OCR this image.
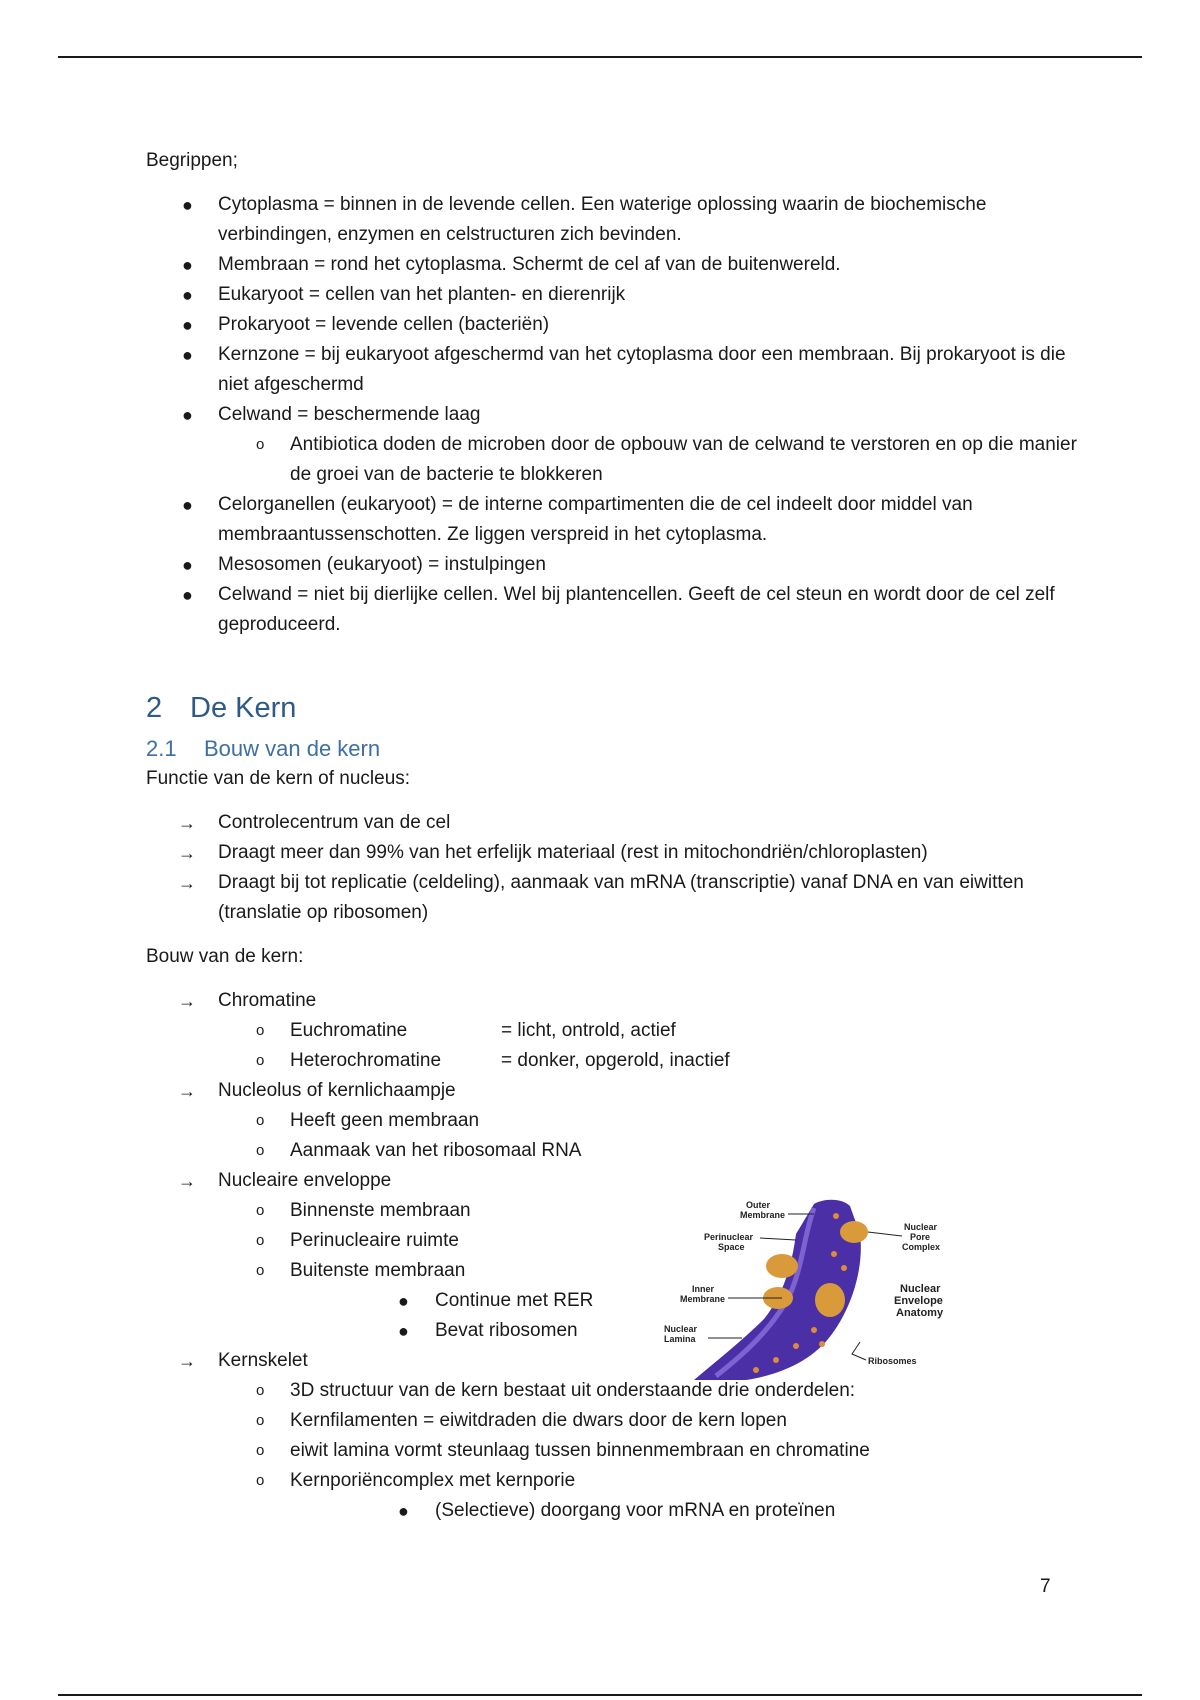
Begrippen;

● Cytoplasma = binnen in de levende cellen. Een waterige oplossing waarin de biochemische verbindingen, enzymen en celstructuren zich bevinden.
● Membraan = rond het cytoplasma. Schermt de cel af van de buitenwereld.
● Eukaryoot = cellen van het planten- en dierenrijk
● Prokaryoot = levende cellen (bacteriën)
● Kernzone = bij eukaryoot afgeschermd van het cytoplasma door een membraan. Bij prokaryoot is die niet afgeschermd
● Celwand = beschermende laag
o Antibiotica doden de microben door de opbouw van de celwand te verstoren en op die manier de groei van de bacterie te blokkeren
● Celorganellen (eukaryoot) = de interne compartimenten die de cel indeelt door middel van membraantussenschotten. Ze liggen verspreid in het cytoplasma.
● Mesosomen (eukaryoot) = instulpingen
● Celwand = niet bij dierlijke cellen. Wel bij plantencellen. Geeft de cel steun en wordt door de cel zelf geproduceerd.
2 De Kern
2.1 Bouw van de kern

Functie van de kern of nucleus:

→ Controlecentrum van de cel
→ Draagt meer dan 99% van het erfelijk materiaal (rest in mitochondriën/chloroplasten)
→ Draagt bij tot replicatie (celdeling), aanmaak van mRNA (transcriptie) vanaf DNA en van eiwitten (translatie op ribosomen)

Bouw van de kern:

→ Chromatine
o Euchromatine	= licht, ontrold, actief
o Heterochromatine	= donker, opgerold, inactief
→ Nucleolus of kernlichaampje
o Heeft geen membraan
o Aanmaak van het ribosomaal RNA
→ Nucleaire enveloppe
o Binnenste membraan
o Perinucleaire ruimte
o Buitenste membraan
● Continue met RER
● Bevat ribosomen
→ Kernskelet
o 3D structuur van de kern bestaat uit onderstaande drie onderdelen:
o Kernfilamenten = eiwitdraden die dwars door de kern lopen
o eiwit lamina vormt steunlaag tussen binnenmembraan en chromatine
o Kernporiëncomplex met kernporie
● (Selectieve) doorgang voor mRNA en proteïnen
Outer
Membrane
Perinuclear
Space
Inner
Membrane
Nuclear
Lamina
Nuclear
Pore
Complex
Nuclear
Envelope
Anatomy
Ribosomes
7
